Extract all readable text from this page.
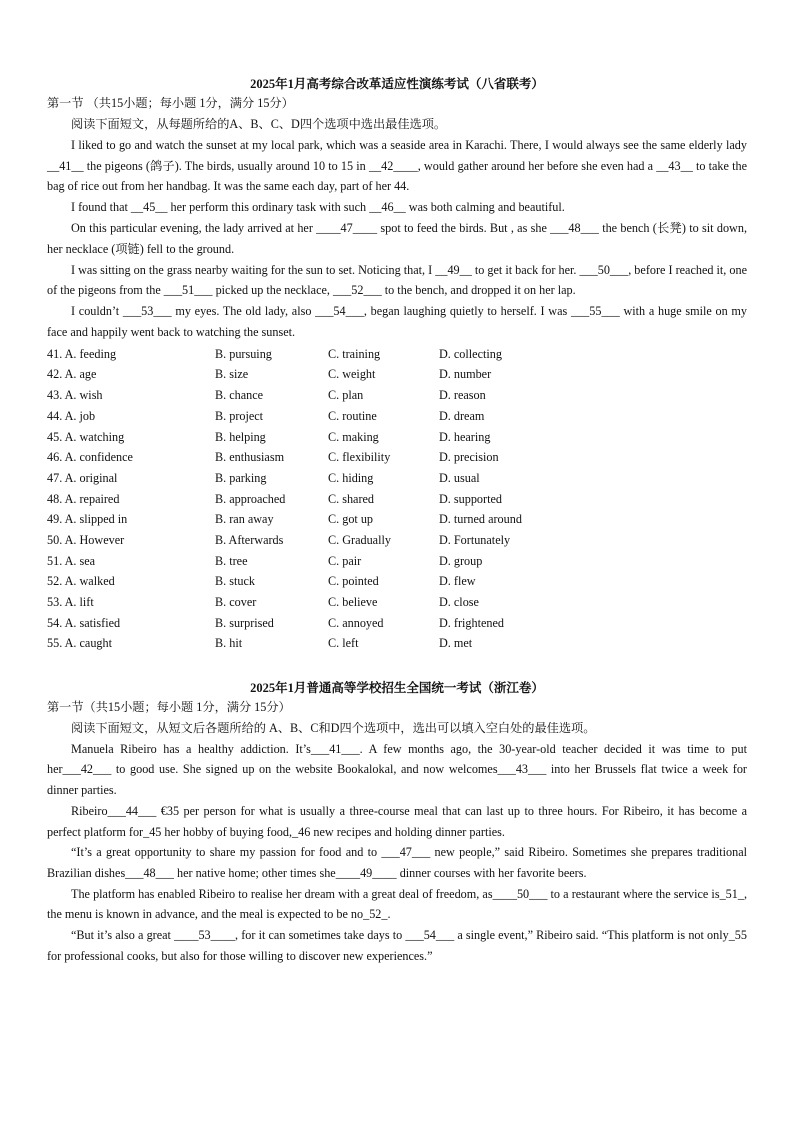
2025年1月高考综合改革适应性演练考试（八省联考）
第一节 （共15小题；每小题 1分，满分 15分）

阅读下面短文，从每题所给的A、B、C、D四个选项中选出最佳选项。

I liked to go and watch the sunset at my local park, which was a seaside area in Karachi. There, I would always see the same elderly lady __41__ the pigeons (鸽子). The birds, usually around 10 to 15 in __42____, would gather around her before she even had a __43__ to take the bag of rice out from her handbag. It was the same each day, part of her 44.

I found that __45__ her perform this ordinary task with such __46__ was both calming and beautiful.

On this particular evening, the lady arrived at her ____47____ spot to feed the birds. But , as she ___48___ the bench (长凳) to sit down, her necklace (项链) fell to the ground.

I was sitting on the grass nearby waiting for the sun to set. Noticing that, I __49__ to get it back for her. ___50___, before I reached it, one of the pigeons from the ___51___ picked up the necklace, ___52___ to the bench, and dropped it on her lap.

I couldn’t ___53___ my eyes. The old lady, also ___54___, began laughing quietly to herself. I was ___55___ with a huge smile on my face and happily went back to watching the sunset.

41. A. feeding	B. pursuing	C. training	D. collecting
42. A. age	B. size	C. weight	D. number
43. A. wish	B. chance	C. plan	D. reason
44. A. job	B. project	C. routine	D. dream
45. A. watching	B. helping	C. making	D. hearing
46. A. confidence	B. enthusiasm	C. flexibility	D. precision
47. A. original	B. parking	C. hiding	D. usual
48. A. repaired	B. approached	C. shared	D. supported
49. A. slipped in	B. ran away	C. got up	D. turned around
50. A. However	B. Afterwards	C. Gradually	D. Fortunately
51. A. sea	B. tree	C. pair	D. group
52. A. walked	B. stuck	C. pointed	D. flew
53. A. lift	B. cover	C. believe	D. close
54. A. satisfied	B. surprised	C. annoyed	D. frightened
55. A. caught	B. hit	C. left	D. met
2025年1月普通高等学校招生全国统一考试（浙江卷）
第一节（共15小题；每小题 1分，满分 15分）

阅读下面短文，从短文后各题所给的 A、B、C和D四个选项中，选出可以填入空白处的最佳选项。

Manuela Ribeiro has a healthy addiction. It’s___41___. A few months ago, the 30-year-old teacher decided it was time to put her___42___ to good use. She signed up on the website Bookalokal, and now welcomes___43___ into her Brussels flat twice a week for dinner parties.

Ribeiro___44___ €35 per person for what is usually a three-course meal that can last up to three hours. For Ribeiro, it has become a perfect platform for_45 her hobby of buying food,_46 new recipes and holding dinner parties.

“It’s a great opportunity to share my passion for food and to ___47___ new people,” said Ribeiro. Sometimes she prepares traditional Brazilian dishes___48___ her native home; other times she____49____ dinner courses with her favorite beers.

The platform has enabled Ribeiro to realise her dream with a great deal of freedom, as____50___ to a restaurant where the service is_51_, the menu is known in advance, and the meal is expected to be no_52_.

“But it’s also a great ____53____, for it can sometimes take days to ___54___ a single event,” Ribeiro said. “This platform is not only_55 for professional cooks, but also for those willing to discover new experiences.”
